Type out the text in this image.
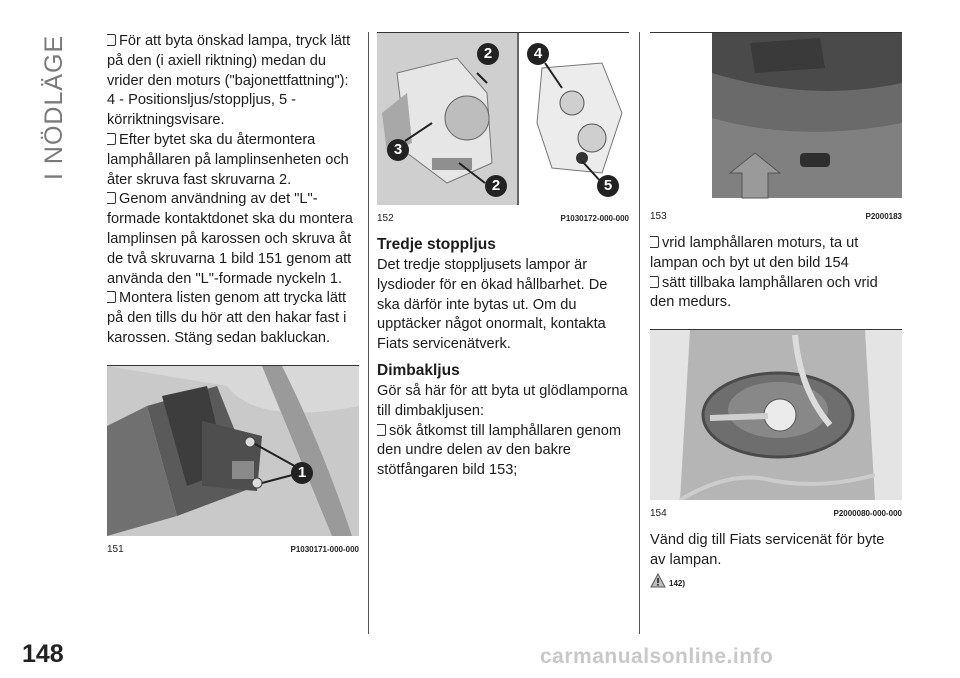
I NÖDLÄGE
148

För att byta önskad lampa, tryck lätt på den (i axiell riktning) medan du vrider den moturs ("bajonettfattning"): 4 - Positionsljus/stoppljus, 5 - körriktningsvisare.

Efter bytet ska du återmontera lamphållaren på lamplinsenheten och åter skruva fast skruvarna 2.

Genom användning av det "L"-formade kontaktdonet ska du montera lamplinsen på karossen och skruva åt de två skruvarna 1 bild 151 genom att använda den "L"-formade nyckeln 1.

Montera listen genom att trycka lätt på den tills du hör att den hakar fast i karossen. Stäng sedan bakluckan.

1
151	P1030171-000-000
2
3
2
4
5
152	P1030172-000-000

Tredje stoppljus

Det tredje stoppljusets lampor är lysdioder för en ökad hållbarhet. De ska därför inte bytas ut. Om du upptäcker något onormalt, kontakta Fiats servicenätverk.

Dimbakljus

Gör så här för att byta ut glödlamporna till dimbakljusen:

sök åtkomst till lamphållaren genom den undre delen av den bakre stötfångaren bild 153;

153	P2000183

vrid lamphållaren moturs, ta ut lampan och byt ut den bild 154

sätt tillbaka lamphållaren och vrid den medurs.

154	P2000080-000-000

Vänd dig till Fiats servicenät för byte av lampan.

142)
carmanualsonline.info
